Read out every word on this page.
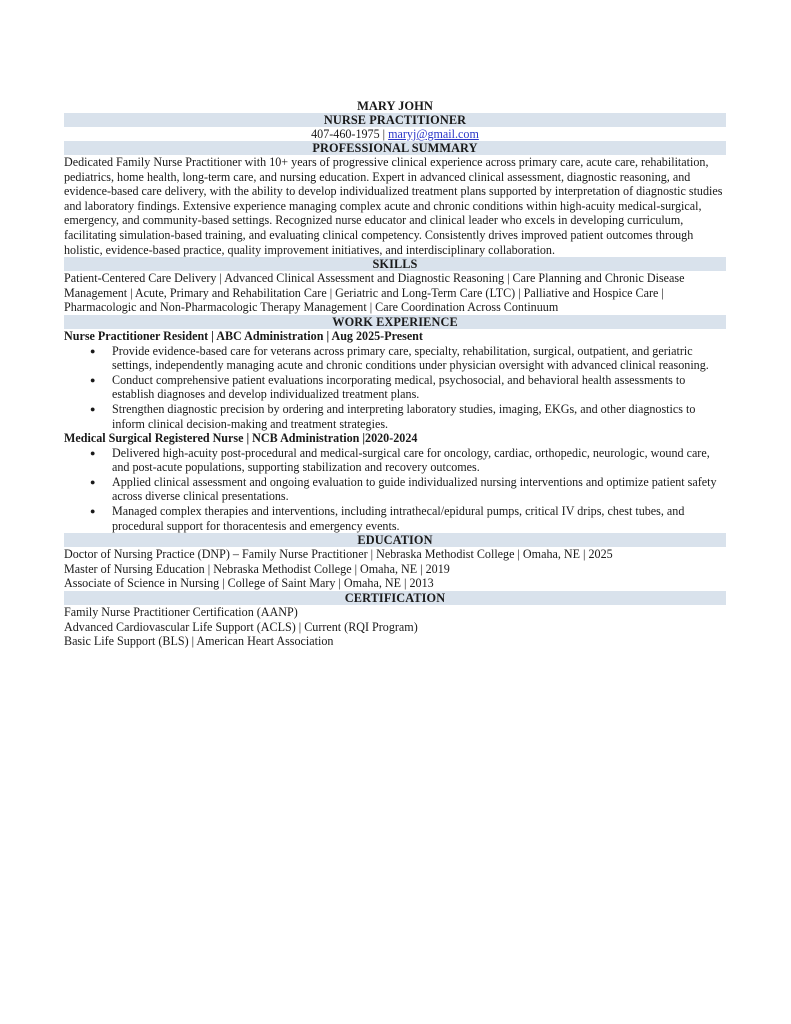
MARY JOHN
NURSE PRACTITIONER
407-460-1975 | maryj@gmail.com
PROFESSIONAL SUMMARY

Dedicated Family Nurse Practitioner with 10+ years of progressive clinical experience across primary care, acute care, rehabilitation, pediatrics, home health, long-term care, and nursing education. Expert in advanced clinical assessment, diagnostic reasoning, and evidence-based care delivery, with the ability to develop individualized treatment plans supported by interpretation of diagnostic studies and laboratory findings. Extensive experience managing complex acute and chronic conditions within high-acuity medical-surgical, emergency, and community-based settings. Recognized nurse educator and clinical leader who excels in developing curriculum, facilitating simulation-based training, and evaluating clinical competency. Consistently drives improved patient outcomes through holistic, evidence-based practice, quality improvement initiatives, and interdisciplinary collaboration.

SKILLS

Patient-Centered Care Delivery | Advanced Clinical Assessment and Diagnostic Reasoning | Care Planning and Chronic Disease Management | Acute, Primary and Rehabilitation Care | Geriatric and Long-Term Care (LTC) | Palliative and Hospice Care | Pharmacologic and Non-Pharmacologic Therapy Management | Care Coordination Across Continuum

WORK EXPERIENCE
Nurse Practitioner Resident | ABC Administration | Aug 2025-Present
● Provide evidence-based care for veterans across primary care, specialty, rehabilitation, surgical, outpatient, and geriatric settings, independently managing acute and chronic conditions under physician oversight with advanced clinical reasoning.
● Conduct comprehensive patient evaluations incorporating medical, psychosocial, and behavioral health assessments to establish diagnoses and develop individualized treatment plans.
● Strengthen diagnostic precision by ordering and interpreting laboratory studies, imaging, EKGs, and other diagnostics to inform clinical decision-making and treatment strategies.
Medical Surgical Registered Nurse | NCB Administration |2020-2024
● Delivered high-acuity post-procedural and medical-surgical care for oncology, cardiac, orthopedic, neurologic, wound care, and post-acute populations, supporting stabilization and recovery outcomes.
● Applied clinical assessment and ongoing evaluation to guide individualized nursing interventions and optimize patient safety across diverse clinical presentations.
● Managed complex therapies and interventions, including intrathecal/epidural pumps, critical IV drips, chest tubes, and procedural support for thoracentesis and emergency events.
EDUCATION
Doctor of Nursing Practice (DNP) – Family Nurse Practitioner | Nebraska Methodist College | Omaha, NE | 2025
Master of Nursing Education | Nebraska Methodist College | Omaha, NE | 2019
Associate of Science in Nursing | College of Saint Mary | Omaha, NE | 2013
CERTIFICATION
Family Nurse Practitioner Certification (AANP)
Advanced Cardiovascular Life Support (ACLS) | Current (RQI Program)
Basic Life Support (BLS) | American Heart Association
